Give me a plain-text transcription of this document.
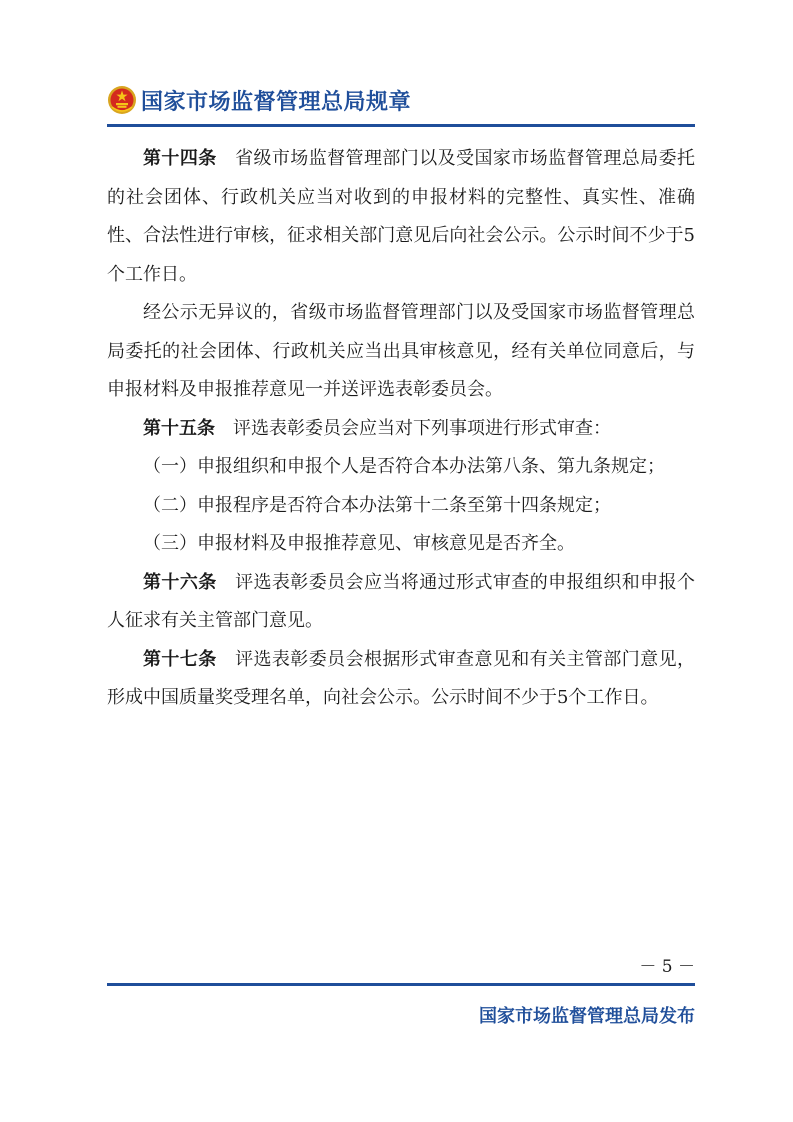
国家市场监督管理总局规章

第十四条 省级市场监督管理部门以及受国家市场监督管理总局委托的社会团体、行政机关应当对收到的申报材料的完整性、真实性、准确性、合法性进行审核，征求相关部门意见后向社会公示。公示时间不少于5个工作日。

经公示无异议的，省级市场监督管理部门以及受国家市场监督管理总局委托的社会团体、行政机关应当出具审核意见，经有关单位同意后，与申报材料及申报推荐意见一并送评选表彰委员会。

第十五条 评选表彰委员会应当对下列事项进行形式审查：

（一）申报组织和申报个人是否符合本办法第八条、第九条规定；

（二）申报程序是否符合本办法第十二条至第十四条规定；

（三）申报材料及申报推荐意见、审核意见是否齐全。

第十六条 评选表彰委员会应当将通过形式审查的申报组织和申报个人征求有关主管部门意见。

第十七条 评选表彰委员会根据形式审查意见和有关主管部门意见，形成中国质量奖受理名单，向社会公示。公示时间不少于5个工作日。

－ 5 －
国家市场监督管理总局发布
